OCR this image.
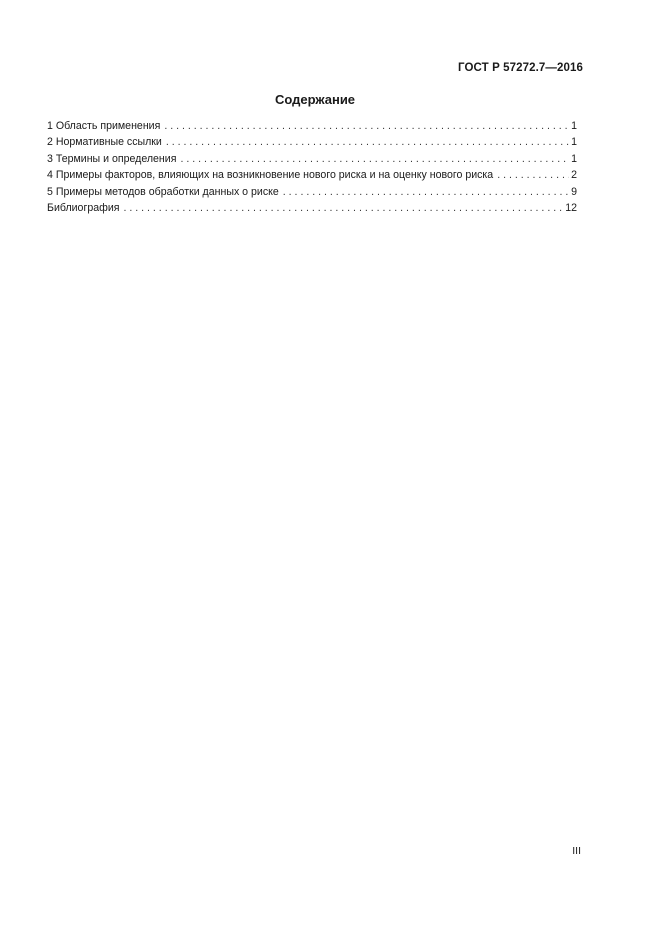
ГОСТ Р 57272.7—2016
Содержание
1 Область применения . . .	1
2 Нормативные ссылки . . .	1
3 Термины и определения . . .	1
4 Примеры факторов, влияющих на возникновение нового риска и на оценку нового риска . . .	2
5 Примеры методов обработки данных о риске . . .	9
Библиография . . .	12
III
